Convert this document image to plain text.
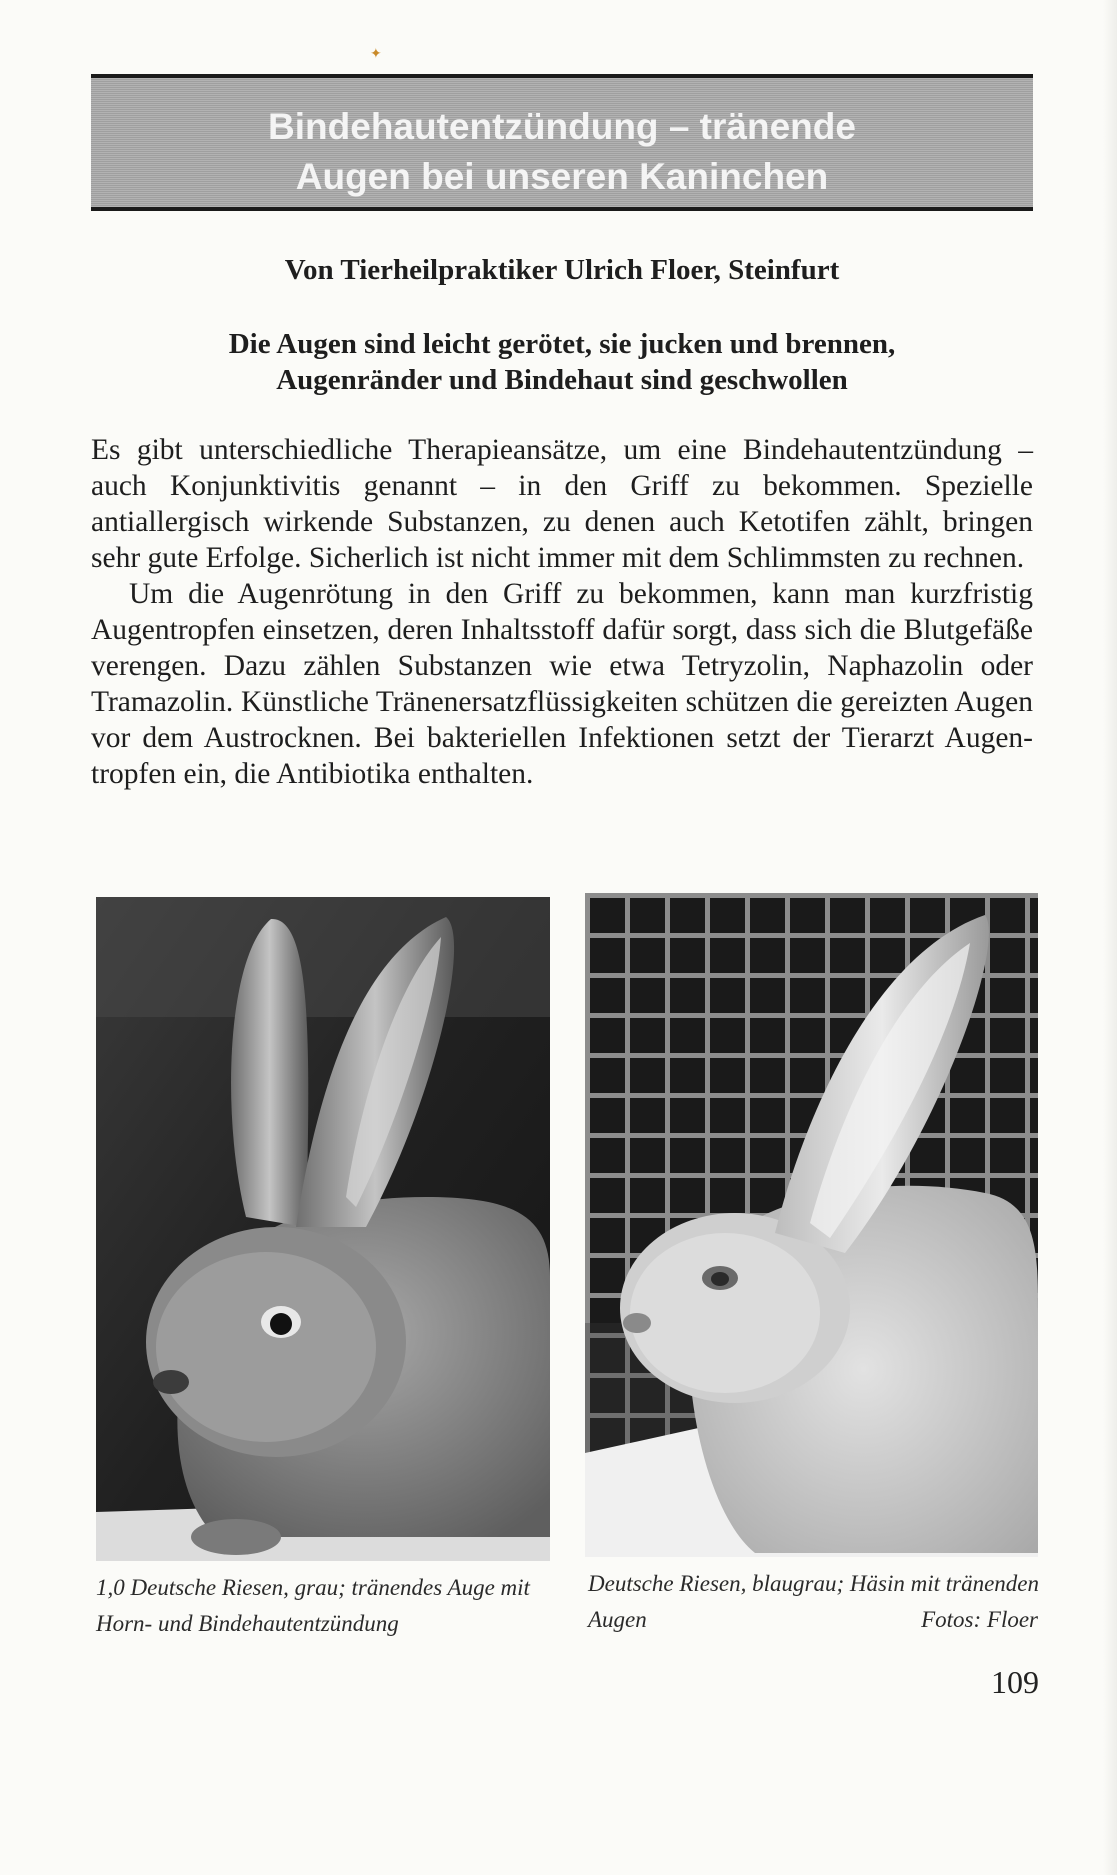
✦
Bindehautentzündung – tränende
Augen bei unseren Kaninchen
Von Tierheilpraktiker Ulrich Floer, Steinfurt
Die Augen sind leicht gerötet, sie jucken und brennen,
Augenränder und Bindehaut sind geschwollen

Es gibt unterschiedliche Therapieansätze, um eine Bindehautentzündung – auch Konjunktivitis genannt – in den Griff zu bekommen. Spezielle antiallergisch wirkende Substanzen, zu denen auch Ketotifen zählt, bringen sehr gute Erfolge. Sicherlich ist nicht immer mit dem Schlimmsten zu rechnen.

Um die Augenrötung in den Griff zu bekommen, kann man kurzfristig Augentropfen einsetzen, deren Inhaltsstoff dafür sorgt, dass sich die Blutgefäße verengen. Dazu zählen Substanzen wie etwa Tetryzolin, Naphazolin oder Tramazolin. Künstliche Tränenersatzflüssigkeiten schützen die gereizten Augen vor dem Austrocknen. Bei bakteriellen Infektionen setzt der Tierarzt Augentropfen ein, die Antibiotika enthalten.

1,0 Deutsche Riesen, grau; tränendes Auge mit Horn- und Bindehautentzündung
Deutsche Riesen, blaugrau; Häsin mit tränenden Augen	Fotos: Floer
109
